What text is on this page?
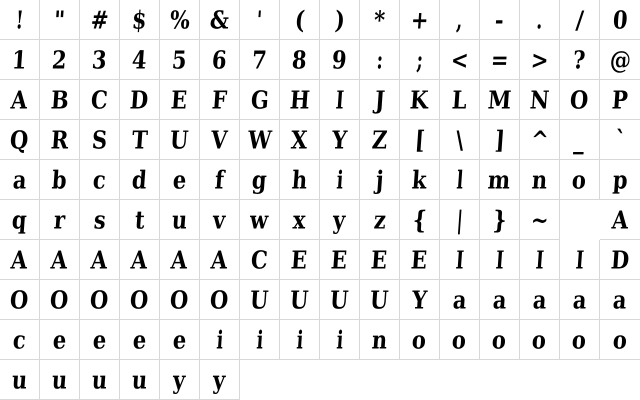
! " # $ % & ' ( ) * + , - . / 0
1 2 3 4 5 6 7 8 9 : ; < = > ? @
A B C D E F G H I J K L M N O P
Q R S T U V W X Y Z [ \ ] ^ _ `
a b c d e f g h i j k l m n o p
q r s t u v w x y z { | } ~	A
A A A A A A C E E E E I I I I D
O O O O O O U U U U Y a a a a a
c e e e e i i i i n o o o o o o
u u u u y y
